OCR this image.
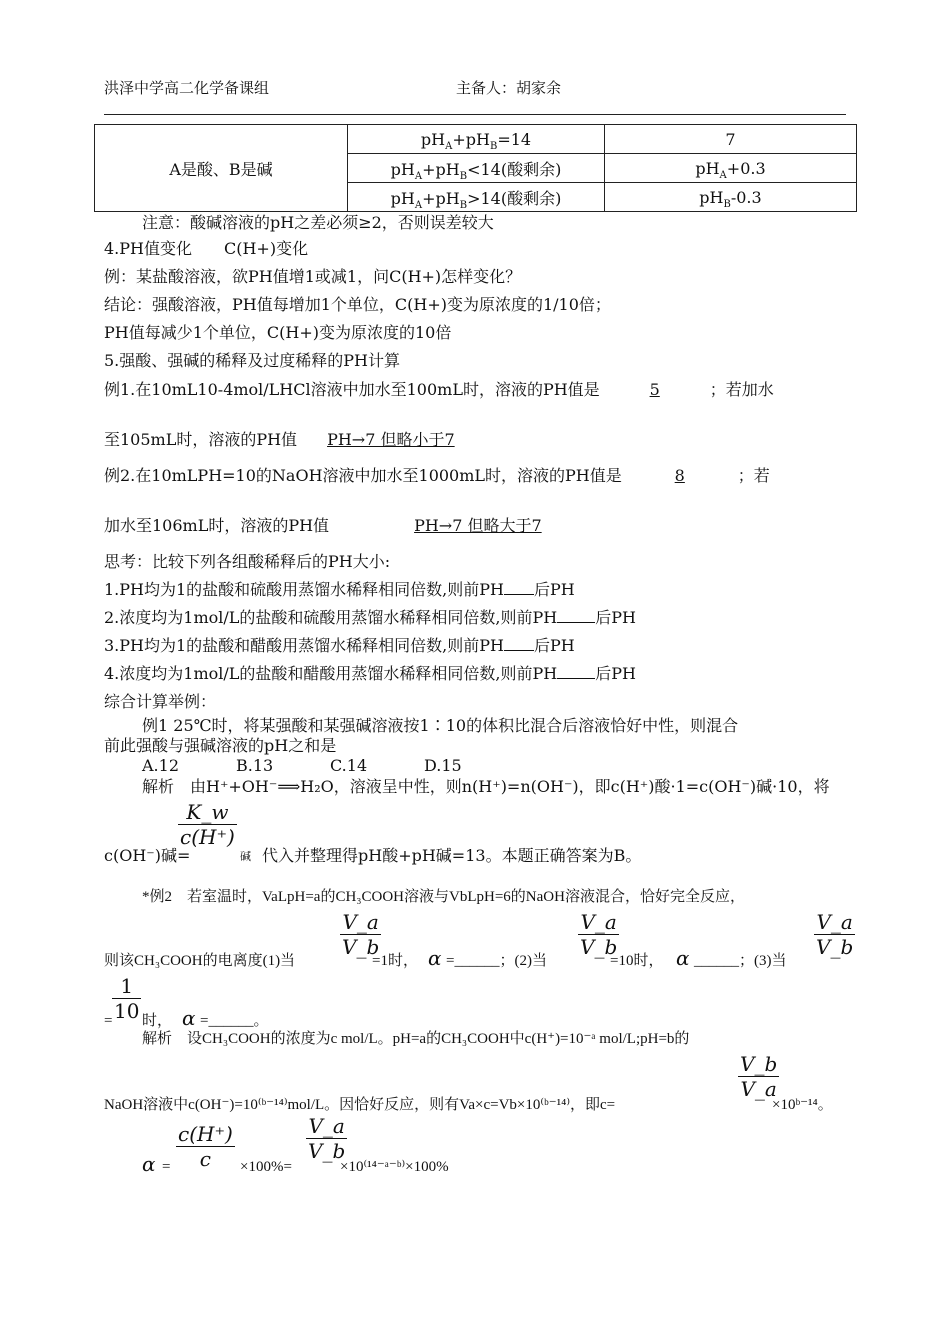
洪泽中学高二化学备课组	主备人：胡家余
A是酸、B是碱	$pH_A+pH_B=14$	7
	$pH_A+pH_B<14$(酸剩余)	$pH_A+0.3$
	$pH_A+pH_B>14$(酸剩余)	$pH_B-0.3$
注意：酸碱溶液的pH之差必须≥2，否则误差较大
4.PH值变化　　C(H+)变化
例：某盐酸溶液，欲PH值增1或减1，问C(H+)怎样变化？
结论：强酸溶液，PH值每增加1个单位，C(H+)变为原浓度的1/10倍；
PH值每减少1个单位，C(H+)变为原浓度的10倍
5.强酸、强碱的稀释及过度稀释的PH计算
例1.在10mL10-4mol/LHCl溶液中加水至100mL时，溶液的PH值是	5	；若加水
至105mL时，溶液的PH值 PH→7 但略小于7
例2.在10mLPH=10的NaOH溶液中加水至1000mL时，溶液的PH值是	8	；若
加水至106mL时，溶液的PH值	PH→7 但略大于7
思考：比较下列各组酸稀释后的PH大小:
1.PH均为1的盐酸和硫酸用蒸馏水稀释相同倍数,则前PH 后PH
2.浓度均为1mol/L的盐酸和硫酸用蒸馏水稀释相同倍数,则前PH 后PH
3.PH均为1的盐酸和醋酸用蒸馏水稀释相同倍数,则前PH 后PH
4.浓度均为1mol/L的盐酸和醋酸用蒸馏水稀释相同倍数,则前PH 后PH
综合计算举例：
例1 25℃时，将某强酸和某强碱溶液按1∶10的体积比混合后溶液恰好中性，则混合
前此强酸与强碱溶液的pH之和是
A.12	B.13	C.14	D.15
解析　由H⁺+OH⁻⟹H₂O，溶液呈中性，则n(H⁺)=n(OH⁻)，即c(H⁺)酸·1=c(OH⁻)碱·10，将
c(OH⁻)碱=
$\frac{K\_w}{c(H^+)}$
碱 代入并整理得pH酸+pH碱=13。本题正确答案为B。
*例2　若室温时，VaLpH=a的CH₃COOH溶液与VbLpH=6的NaOH溶液混合，恰好完全反应，
$\frac{V\_a}{V\_b}$	$\frac{V\_a}{V\_b}$	$\frac{V\_a}{V\_b}$
则该CH₃COOH的电离度(1)当	=1时， α =______；(2)当	=10时， α ______；(3)当
$\frac{1}{10}$
= 时， α =______。
解析　设CH₃COOH的浓度为c mol/L。pH=a的CH₃COOH中c(H⁺)=10⁻ᵃ mol/L;pH=b的
$\frac{V\_b}{V\_a}$
NaOH溶液中c(OH⁻)=10⁽ᵇ⁻¹⁴⁾mol/L。因恰好反应，则有Va×c=Vb×10⁽ᵇ⁻¹⁴⁾，即c=	×10ᵇ⁻¹⁴。
$\alpha = \frac{c(H^+)}{c} \times 100\%=$
$\frac{V\_a}{V\_b}$
×10⁽¹⁴⁻ᵃ⁻ᵇ⁾×100%
